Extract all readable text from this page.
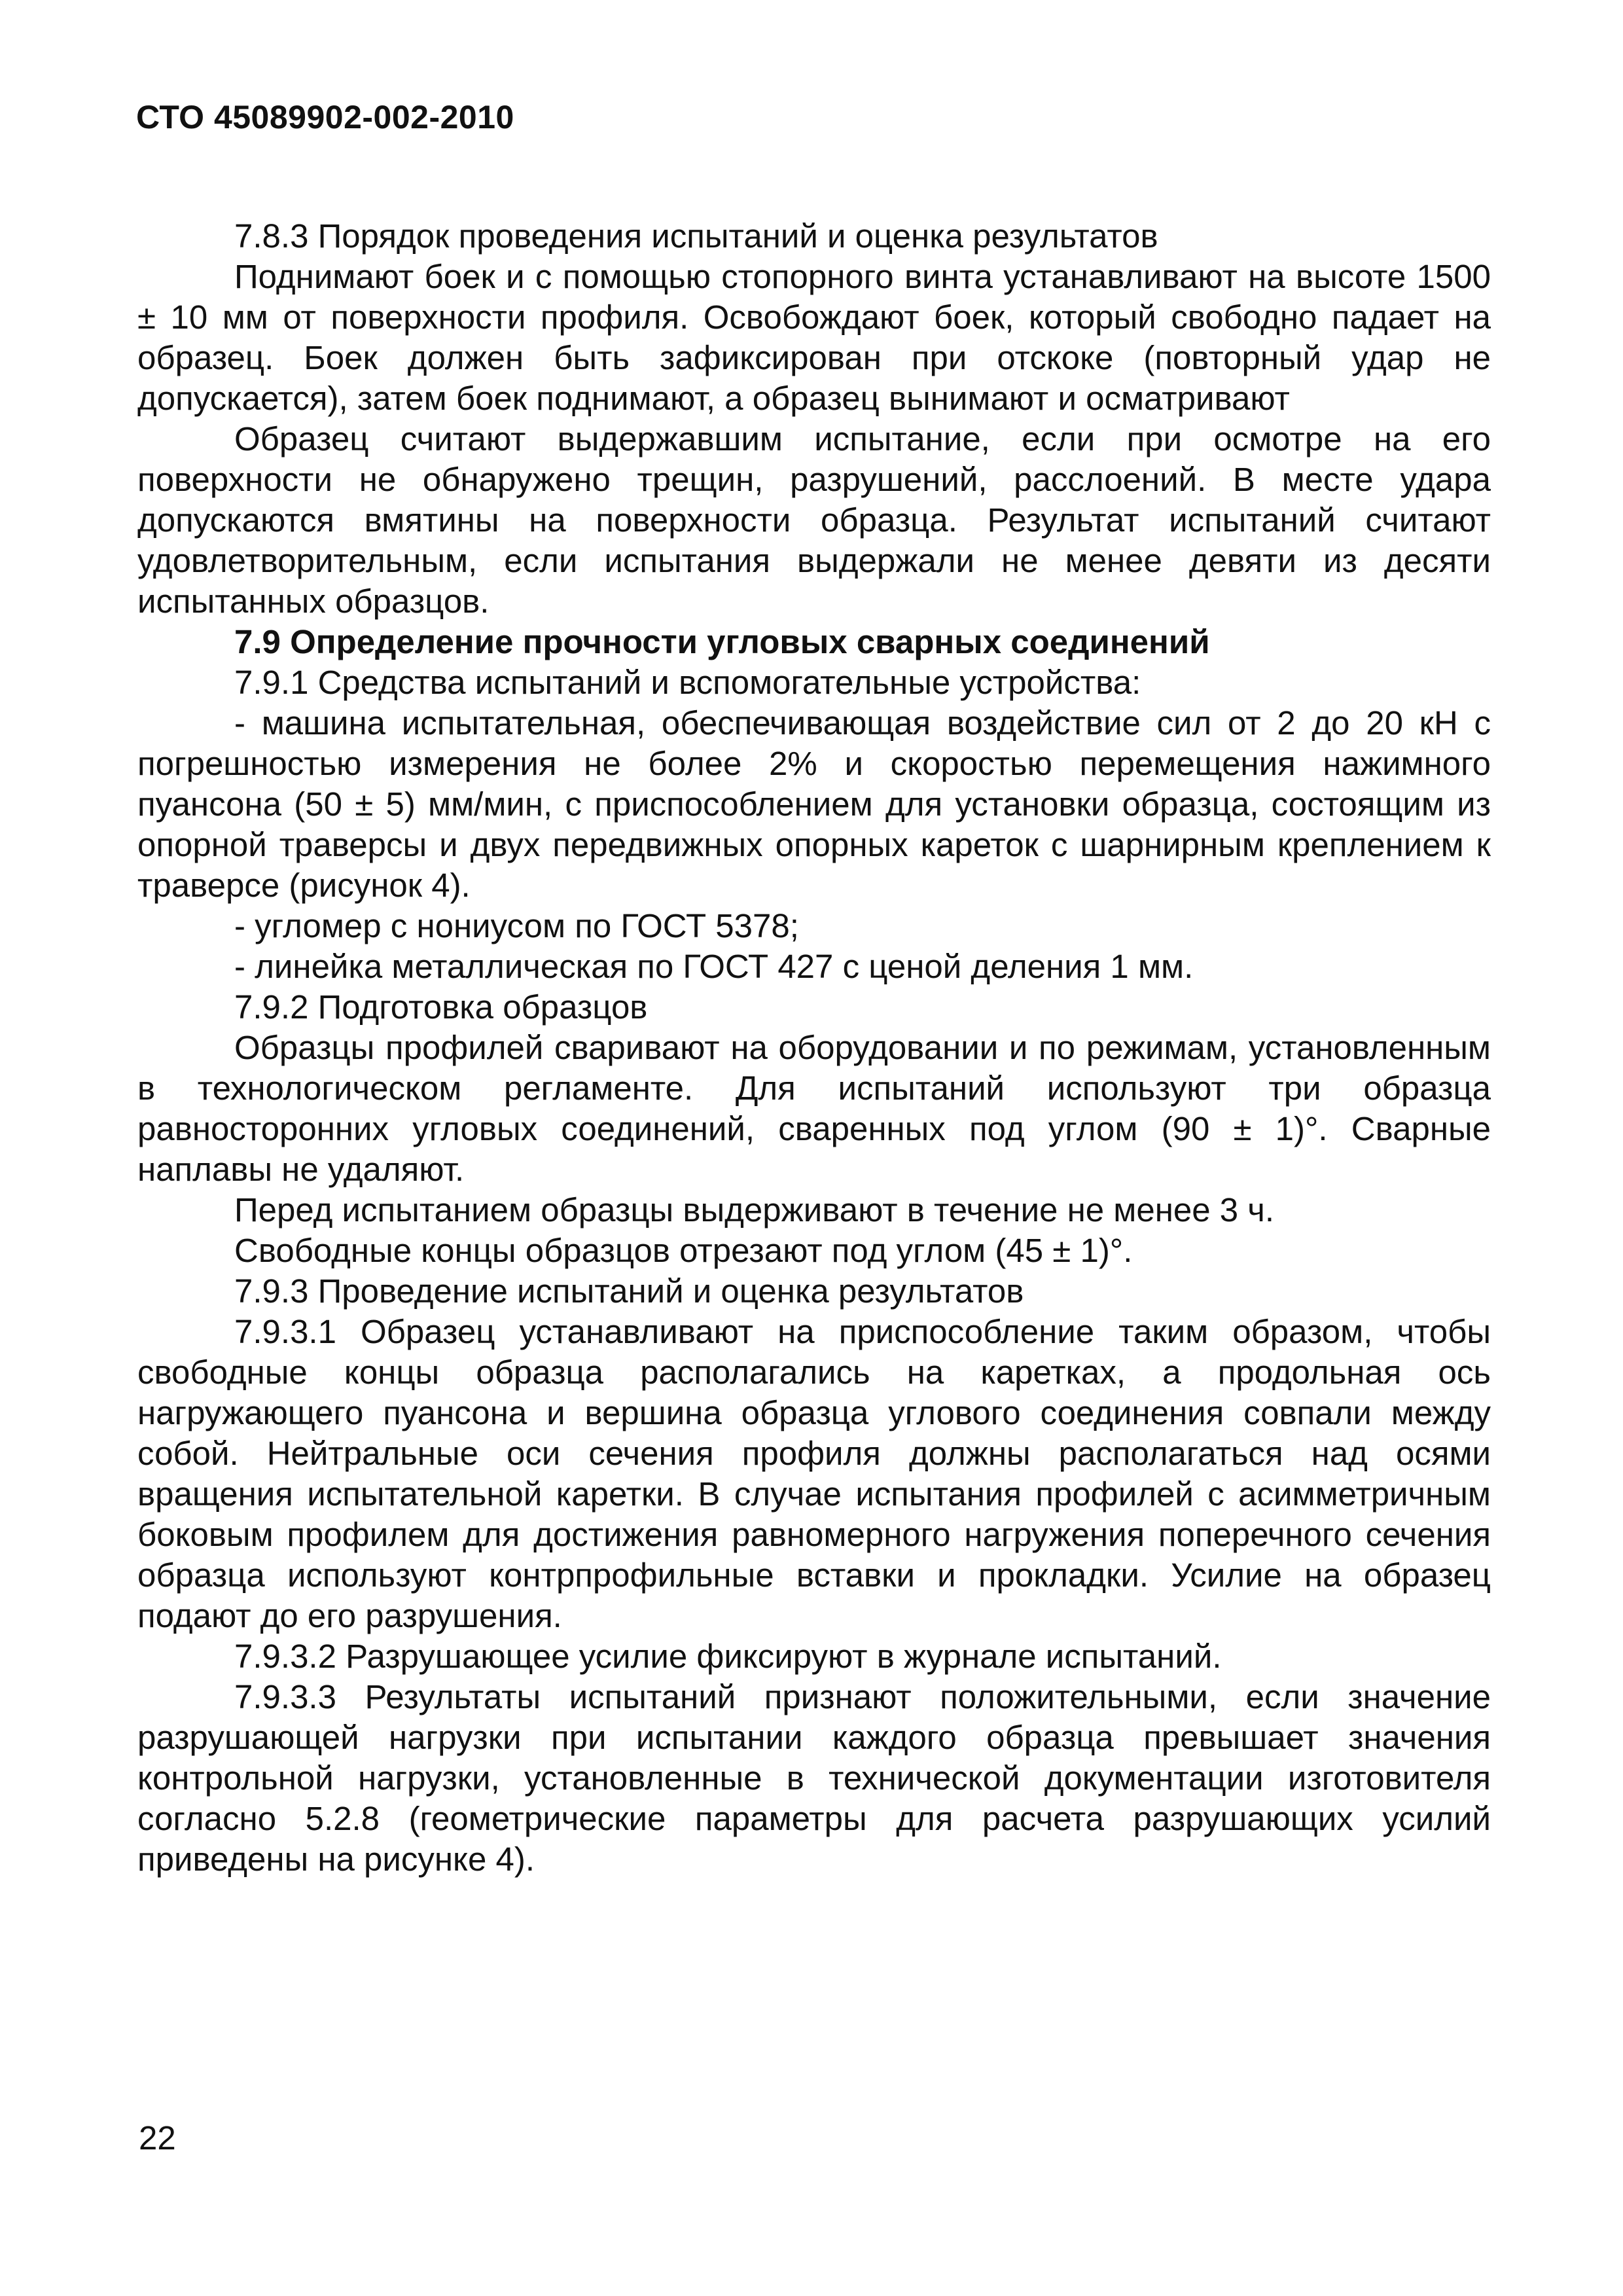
СТО 45089902-002-2010

7.8.3 Порядок проведения испытаний и оценка результатов

Поднимают боек и с помощью стопорного винта устанавливают на высоте 1500 ± 10 мм от поверхности профиля. Освобождают боек, который свободно падает на образец. Боек должен быть зафиксирован при отскоке (повторный удар не допускается), затем боек поднимают, а образец вынимают и осматривают

Образец считают выдержавшим испытание, если при осмотре на его поверхности не обнаружено трещин, разрушений, расслоений. В месте удара допускаются вмятины на поверхности образца. Результат испытаний считают удовлетворительным, если испытания выдержали не менее девяти из десяти испытанных образцов.

7.9 Определение прочности угловых сварных соединений

7.9.1 Средства испытаний и вспомогательные устройства:

- машина испытательная, обеспечивающая воздействие сил от 2 до 20 кН с погрешностью измерения не более 2% и скоростью перемещения нажимного пуансона (50 ± 5) мм/мин, с приспособлением для установки образца, состоящим из опорной траверсы и двух передвижных опорных кареток с шарнирным креплением к траверсе (рисунок 4).

- угломер с нониусом по ГОСТ 5378;

- линейка металлическая по ГОСТ 427 с ценой деления 1 мм.

7.9.2 Подготовка образцов

Образцы профилей сваривают на оборудовании и по режимам, установленным в технологическом регламенте. Для испытаний используют три образца равносторонних угловых соединений, сваренных под углом (90 ± 1)°. Сварные наплавы не удаляют.

Перед испытанием образцы выдерживают в течение не менее 3 ч.

Свободные концы образцов отрезают под углом (45 ± 1)°.

7.9.3 Проведение испытаний и оценка результатов

7.9.3.1 Образец устанавливают на приспособление таким образом, чтобы свободные концы образца располагались на каретках, а продольная ось нагружающего пуансона и вершина образца углового соединения совпали между собой. Нейтральные оси сечения профиля должны располагаться над осями вращения испытательной каретки. В случае испытания профилей с асимметричным боковым профилем для достижения равномерного нагружения поперечного сечения образца используют контрпрофильные вставки и прокладки. Усилие на образец подают до его разрушения.

7.9.3.2 Разрушающее усилие фиксируют в журнале испытаний.

7.9.3.3 Результаты испытаний признают положительными, если значение разрушающей нагрузки при испытании каждого образца превышает значения контрольной нагрузки, установленные в технической документации изготовителя согласно 5.2.8 (геометрические параметры для расчета разрушающих усилий приведены на рисунке 4).

22
